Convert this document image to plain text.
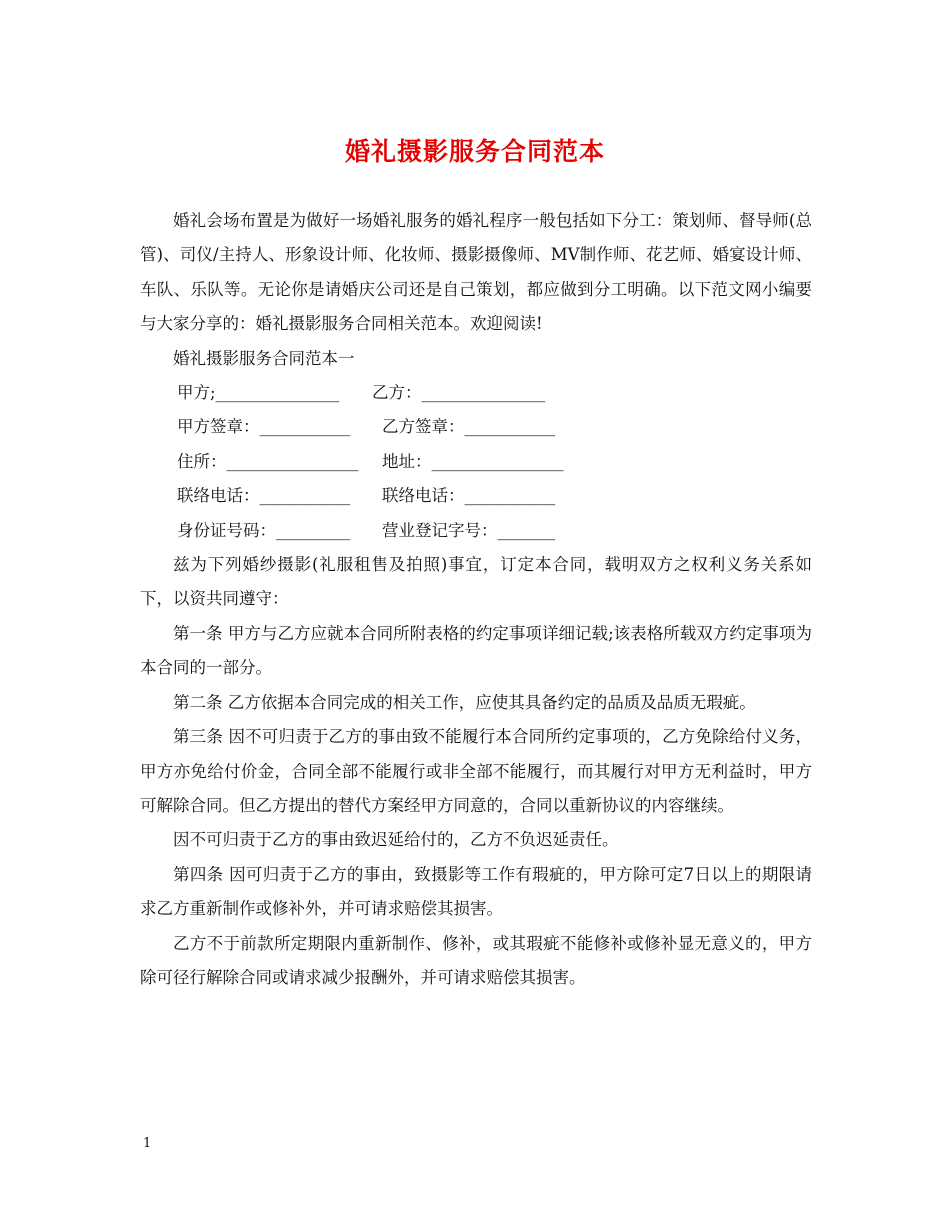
婚礼摄影服务合同范本

婚礼会场布置是为做好一场婚礼服务的婚礼程序一般包括如下分工：策划师、督导师(总管)、司仪/主持人、形象设计师、化妆师、摄影摄像师、MV制作师、花艺师、婚宴设计师、车队、乐队等。无论你是请婚庆公司还是自己策划，都应做到分工明确。以下范文网小编要与大家分享的：婚礼摄影服务合同相关范本。欢迎阅读!

婚礼摄影服务合同范本一

甲方;_______________ 乙方：_______________
甲方签章：___________ 乙方签章：___________
住所：________________ 地址：________________
联络电话：___________ 联络电话：___________
身份证号码：_________ 营业登记字号：_______

兹为下列婚纱摄影(礼服租售及拍照)事宜，订定本合同，载明双方之权利义务关系如下，以资共同遵守：

第一条 甲方与乙方应就本合同所附表格的约定事项详细记载;该表格所载双方约定事项为本合同的一部分。

第二条 乙方依据本合同完成的相关工作，应使其具备约定的品质及品质无瑕疵。

第三条 因不可归责于乙方的事由致不能履行本合同所约定事项的，乙方免除给付义务，甲方亦免给付价金，合同全部不能履行或非全部不能履行，而其履行对甲方无利益时，甲方可解除合同。但乙方提出的替代方案经甲方同意的，合同以重新协议的内容继续。

因不可归责于乙方的事由致迟延给付的，乙方不负迟延责任。

第四条 因可归责于乙方的事由，致摄影等工作有瑕疵的，甲方除可定7日以上的期限请求乙方重新制作或修补外，并可请求赔偿其损害。

乙方不于前款所定期限内重新制作、修补，或其瑕疵不能修补或修补显无意义的，甲方除可径行解除合同或请求减少报酬外，并可请求赔偿其损害。

1
